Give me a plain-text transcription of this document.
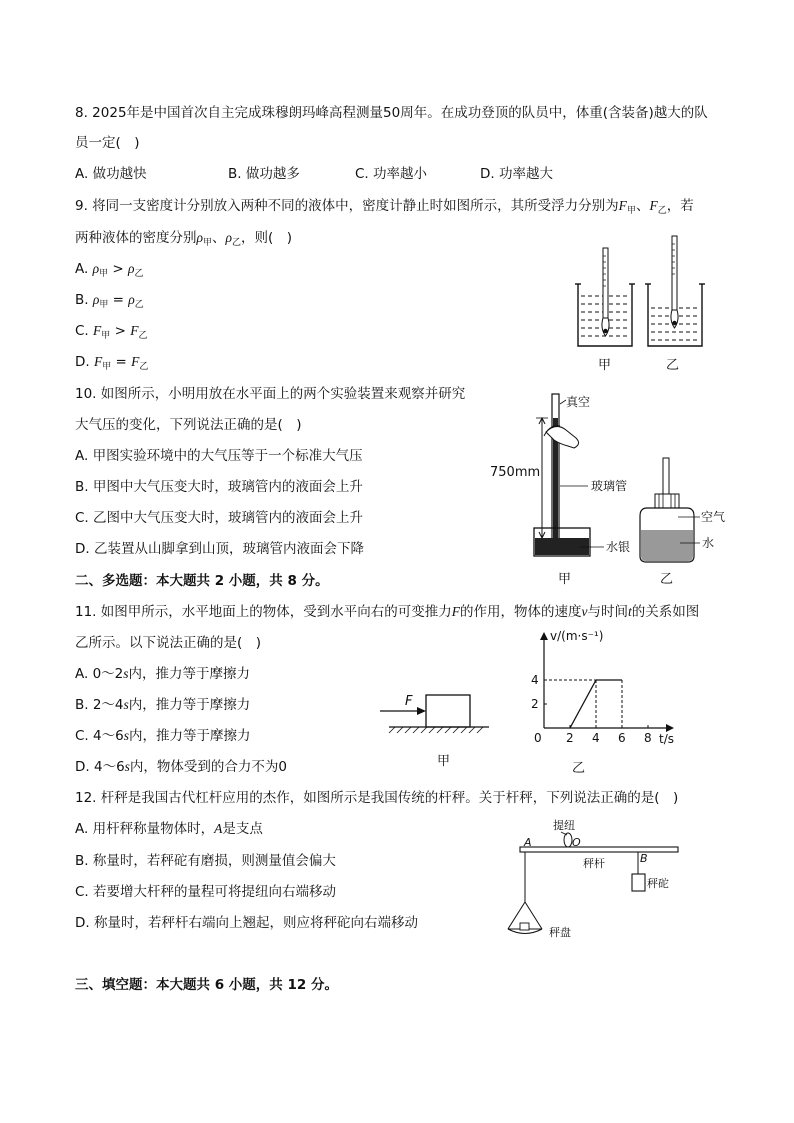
8. 2025年是中国首次自主完成珠穆朗玛峰高程测量50周年。在成功登顶的队员中，体重(含装备)越大的队
员一定(　)
A. 做功越快	B. 做功越多	C. 功率越小	D. 功率越大
9. 将同一支密度计分别放入两种不同的液体中，密度计静止时如图所示，其所受浮力分别为$F_甲$、$F_乙$，若
两种液体的密度分别$\rho_甲$、$\rho_乙$，则(　)
A. $\rho_甲 > \rho_乙$
B. $\rho_甲 = \rho_乙$
C. $F_甲 > F_乙$
D. $F_甲 = F_乙$	甲	乙
10. 如图所示，小明用放在水平面上的两个实验装置来观察并研究
大气压的变化，下列说法正确的是(　)
A. 甲图实验环境中的大气压等于一个标准大气压
B. 甲图中大气压变大时，玻璃管内的液面会上升
C. 乙图中大气压变大时，玻璃管内的液面会上升
D. 乙装置从山脚拿到山顶，玻璃管内液面会下降
真空
750mm
玻璃管
水银
空气
水
甲	乙
二、多选题：本大题共 2 小题，共 8 分。
11. 如图甲所示，水平地面上的物体，受到水平向右的可变推力F的作用，物体的速度v与时间t的关系如图
乙所示。以下说法正确的是(　)
A. 0～2s内，推力等于摩擦力
B. 2～4s内，推力等于摩擦力
C. 4～6s内，推力等于摩擦力
D. 4～6s内，物体受到的合力不为0
F
甲
v/(m·s⁻¹)
t/s
乙
0 2 4 6 8
2
4
12. 杆秤是我国古代杠杆应用的杰作，如图所示是我国传统的杆秤。关于杆秤，下列说法正确的是(　)
A. 用杆秤称量物体时，A是支点
B. 称量时，若秤砣有磨损，则测量值会偏大
C. 若要增大杆秤的量程可将提纽向右端移动
D. 称量时，若秤杆右端向上翘起，则应将秤砣向右端移动
提纽
A	O
B
秤杆
秤砣
秤盘
三、填空题：本大题共 6 小题，共 12 分。
